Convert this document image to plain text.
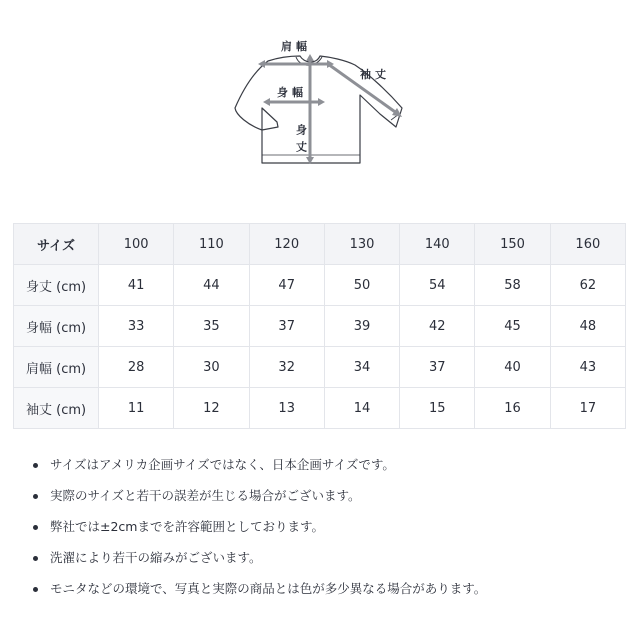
肩幅
袖丈
身幅
身丈
サイズ	100	110	120	130	140	150	160
身丈 (cm)	41	44	47	50	54	58	62
身幅 (cm)	33	35	37	39	42	45	48
肩幅 (cm)	28	30	32	34	37	40	43
袖丈 (cm)	11	12	13	14	15	16	17
サイズはアメリカ企画サイズではなく、日本企画サイズです。
実際のサイズと若干の誤差が生じる場合がございます。
弊社では±2cmまでを許容範囲としております。
洗濯により若干の縮みがございます。
モニタなどの環境で、写真と実際の商品とは色が多少異なる場合があります。
